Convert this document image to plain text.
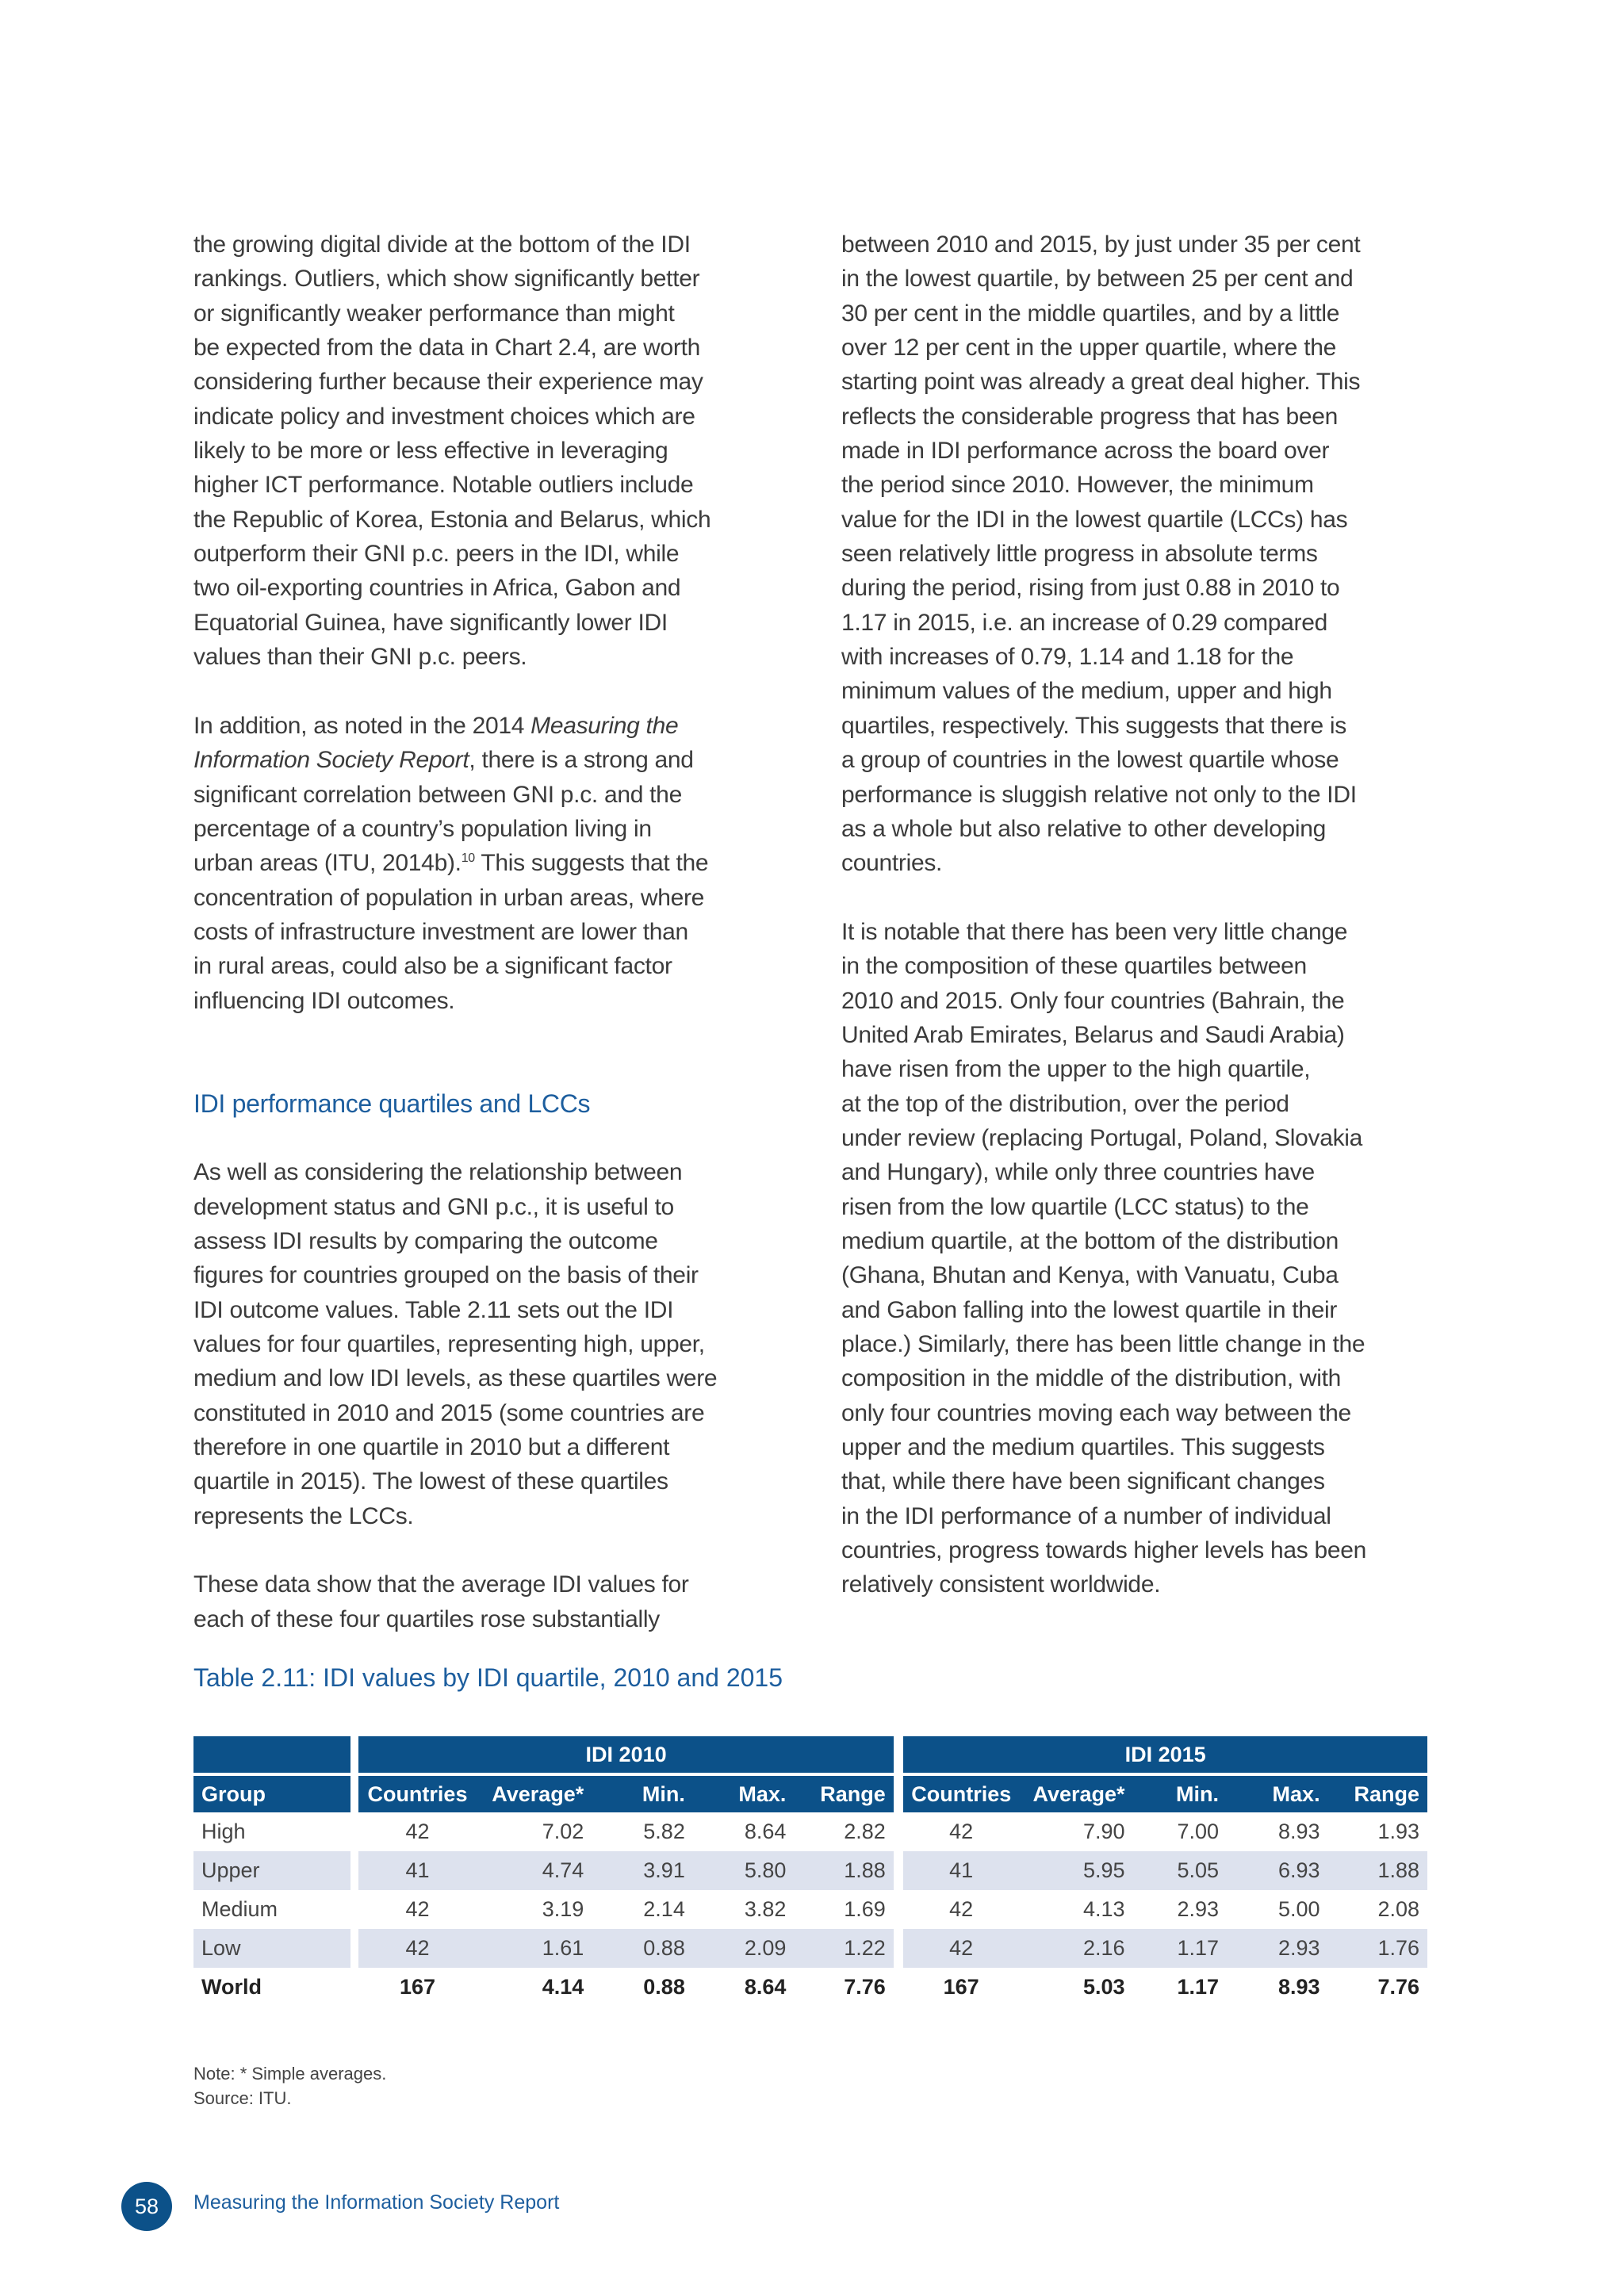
the growing digital divide at the bottom of the IDI
rankings. Outliers, which show significantly better
or significantly weaker performance than might
be expected from the data in Chart 2.4, are worth
considering further because their experience may
indicate policy and investment choices which are
likely to be more or less effective in leveraging
higher ICT performance. Notable outliers include
the Republic of Korea, Estonia and Belarus, which
outperform their GNI p.c. peers in the IDI, while
two oil-exporting countries in Africa, Gabon and
Equatorial Guinea, have significantly lower IDI
values than their GNI p.c. peers.
In addition, as noted in the 2014 Measuring the
Information Society Report, there is a strong and
significant correlation between GNI p.c. and the
percentage of a country’s population living in
urban areas (ITU, 2014b).$^{10}$ This suggests that the
concentration of population in urban areas, where
costs of infrastructure investment are lower than
in rural areas, could also be a significant factor
influencing IDI outcomes.
IDI performance quartiles and LCCs
As well as considering the relationship between
development status and GNI p.c., it is useful to
assess IDI results by comparing the outcome
figures for countries grouped on the basis of their
IDI outcome values. Table 2.11 sets out the IDI
values for four quartiles, representing high, upper,
medium and low IDI levels, as these quartiles were
constituted in 2010 and 2015 (some countries are
therefore in one quartile in 2010 but a different
quartile in 2015). The lowest of these quartiles
represents the LCCs.
These data show that the average IDI values for
each of these four quartiles rose substantially
between 2010 and 2015, by just under 35 per cent
in the lowest quartile, by between 25 per cent and
30 per cent in the middle quartiles, and by a little
over 12 per cent in the upper quartile, where the
starting point was already a great deal higher. This
reflects the considerable progress that has been
made in IDI performance across the board over
the period since 2010. However, the minimum
value for the IDI in the lowest quartile (LCCs) has
seen relatively little progress in absolute terms
during the period, rising from just 0.88 in 2010 to
1.17 in 2015, i.e. an increase of 0.29 compared
with increases of 0.79, 1.14 and 1.18 for the
minimum values of the medium, upper and high
quartiles, respectively. This suggests that there is
a group of countries in the lowest quartile whose
performance is sluggish relative not only to the IDI
as a whole but also relative to other developing
countries.
It is notable that there has been very little change
in the composition of these quartiles between
2010 and 2015. Only four countries (Bahrain, the
United Arab Emirates, Belarus and Saudi Arabia)
have risen from the upper to the high quartile,
at the top of the distribution, over the period
under review (replacing Portugal, Poland, Slovakia
and Hungary), while only three countries have
risen from the low quartile (LCC status) to the
medium quartile, at the bottom of the distribution
(Ghana, Bhutan and Kenya, with Vanuatu, Cuba
and Gabon falling into the lowest quartile in their
place.) Similarly, there has been little change in the
composition in the middle of the distribution, with
only four countries moving each way between the
upper and the medium quartiles. This suggests
that, while there have been significant changes
in the IDI performance of a number of individual
countries, progress towards higher levels has been
relatively consistent worldwide.
Table 2.11: IDI values by IDI quartile, 2010 and 2015
		IDI 2010						IDI 2015				
Group		Countries	Average*	Min.	Max.	Range		Countries	Average*	Min.	Max.	Range
High		42	7.02	5.82	8.64	2.82		42	7.90	7.00	8.93	1.93
Upper		41	4.74	3.91	5.80	1.88		41	5.95	5.05	6.93	1.88
Medium		42	3.19	2.14	3.82	1.69		42	4.13	2.93	5.00	2.08
Low		42	1.61	0.88	2.09	1.22		42	2.16	1.17	2.93	1.76
World		167	4.14	0.88	8.64	7.76		167	5.03	1.17	8.93	7.76
Note: * Simple averages.
Source: ITU.
58	Measuring the Information Society Report
